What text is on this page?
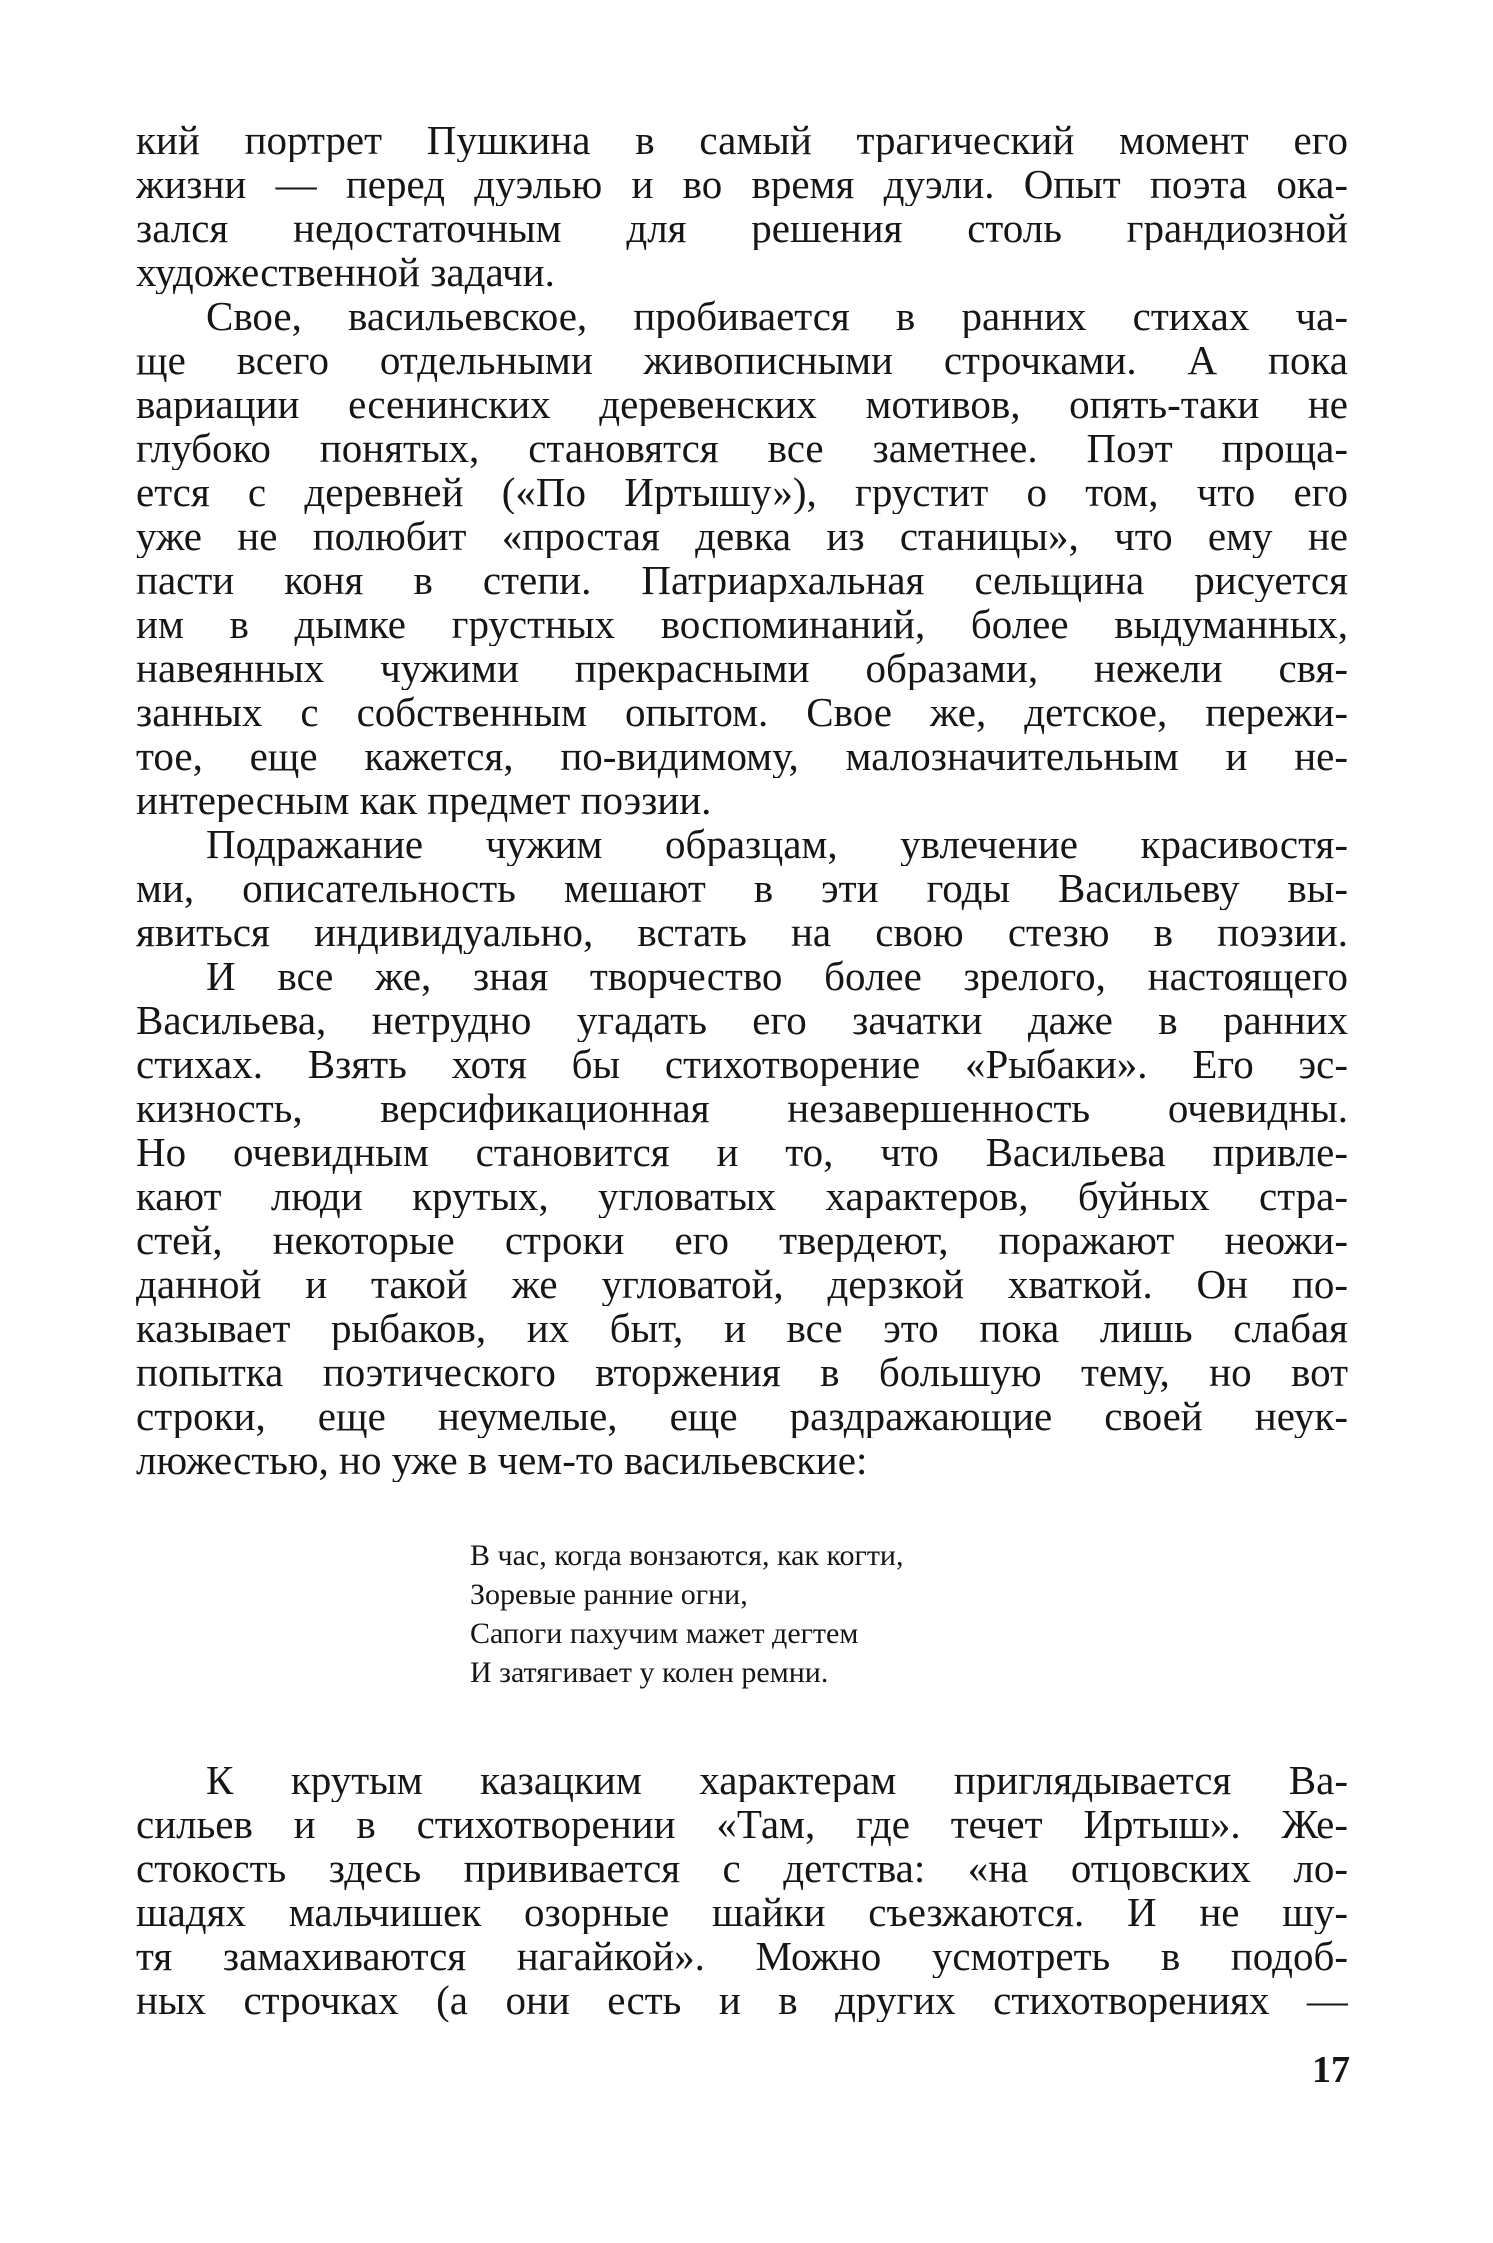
кий портрет Пушкина в самый трагический момент его
жизни — перед дуэлью и во время дуэли. Опыт поэта ока-
зался недостаточным для решения столь грандиозной
художественной задачи.
Свое, васильевское, пробивается в ранних стихах ча-
ще всего отдельными живописными строчками. А пока
вариации есенинских деревенских мотивов, опять-таки не
глубоко понятых, становятся все заметнее. Поэт проща-
ется с деревней («По Иртышу»), грустит о том, что его
уже не полюбит «простая девка из станицы», что ему не
пасти коня в степи. Патриархальная сельщина рисуется
им в дымке грустных воспоминаний, более выдуманных,
навеянных чужими прекрасными образами, нежели свя-
занных с собственным опытом. Свое же, детское, пережи-
тое, еще кажется, по-видимому, малозначительным и не-
интересным как предмет поэзии.
Подражание чужим образцам, увлечение красивостя-
ми, описательность мешают в эти годы Васильеву вы-
явиться индивидуально, встать на свою стезю в поэзии.
И все же, зная творчество более зрелого, настоящего
Васильева, нетрудно угадать его зачатки даже в ранних
стихах. Взять хотя бы стихотворение «Рыбаки». Его эс-
кизность, версификационная незавершенность очевидны.
Но очевидным становится и то, что Васильева привле-
кают люди крутых, угловатых характеров, буйных стра-
стей, некоторые строки его твердеют, поражают неожи-
данной и такой же угловатой, дерзкой хваткой. Он по-
казывает рыбаков, их быт, и все это пока лишь слабая
попытка поэтического вторжения в большую тему, но вот
строки, еще неумелые, еще раздражающие своей неук-
люжестью, но уже в чем-то васильевские:
В час, когда вонзаются, как когти,
Зоревые ранние огни,
Сапоги пахучим мажет дегтем
И затягивает у колен ремни.
К крутым казацким характерам приглядывается Ва-
сильев и в стихотворении «Там, где течет Иртыш». Же-
стокость здесь прививается с детства: «на отцовских ло-
шадях мальчишек озорные шайки съезжаются. И не шу-
тя замахиваются нагайкой». Можно усмотреть в подоб-
ных строчках (а они есть и в других стихотворениях —
17
